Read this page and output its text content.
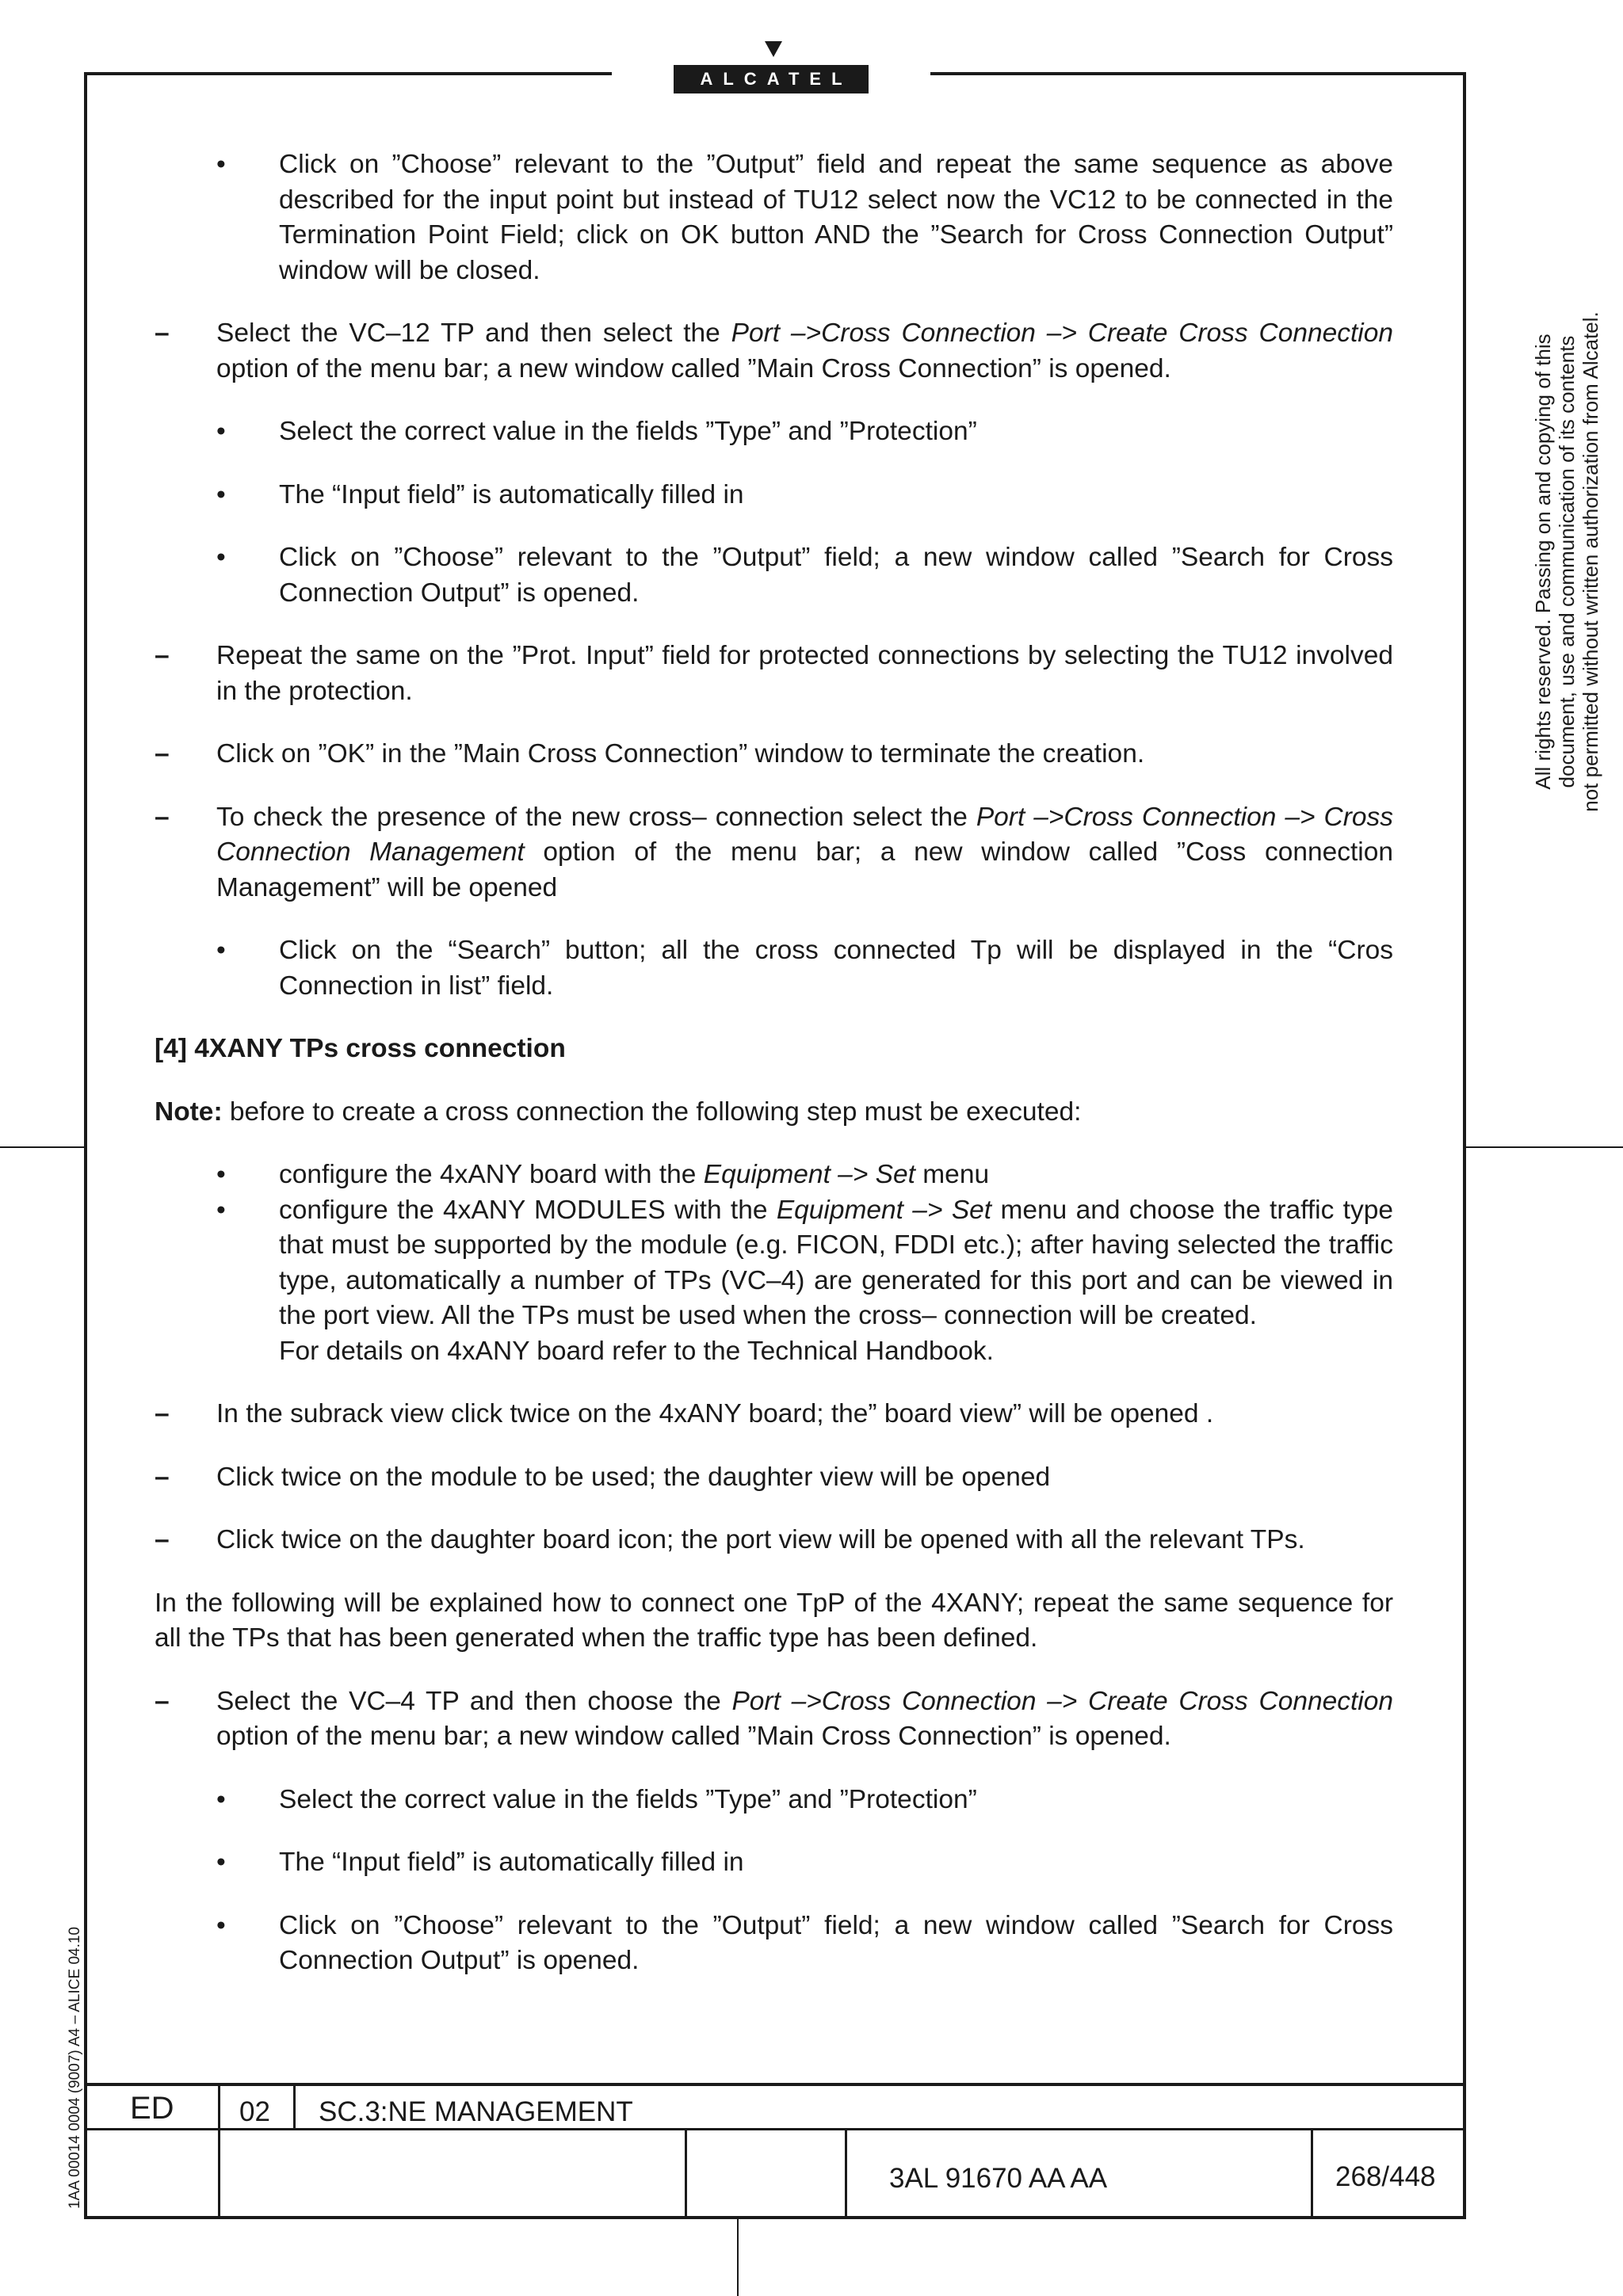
ALCATEL
All rights reserved. Passing on and copying of this document, use and communication of its contents not permitted without written authorization from Alcatel.
1AA 00014 0004 (9007) A4 – ALICE 04.10
• Click on ”Choose” relevant to the ”Output” field and repeat the same sequence as above described for the input point but instead of TU12 select now the VC12 to be connected in the Termination Point Field; click on OK button AND the ”Search for Cross Connection Output” window will be closed.
– Select the VC–12 TP and then select the Port –>Cross Connection –> Create Cross Connection option of the menu bar; a new window called ”Main Cross Connection” is opened.
• Select the correct value in the fields ”Type” and ”Protection”
• The “Input field” is automatically filled in
• Click on ”Choose” relevant to the ”Output” field; a new window called ”Search for Cross Connection Output” is opened.
– Repeat the same on the ”Prot. Input” field for protected connections by selecting the TU12 involved in the protection.
– Click on ”OK” in the ”Main Cross Connection” window to terminate the creation.
– To check the presence of the new cross– connection select the Port –>Cross Connection –> Cross Connection Management option of the menu bar; a new window called ”Coss connection Management” will be opened
• Click on the “Search” button; all the cross connected Tp will be displayed in the “Cros Connection in list” field.
[4] 4XANY TPs cross connection
Note: before to create a cross connection the following step must be executed:
• configure the 4xANY board with the Equipment –> Set menu
• configure the 4xANY MODULES with the Equipment –> Set menu and choose the traffic type that must be supported by the module (e.g. FICON, FDDI etc.); after having selected the traffic type, automatically a number of TPs (VC–4) are generated for this port and can be viewed in the port view. All the TPs must be used when the cross– connection will be created.
For details on 4xANY board refer to the Technical Handbook.
– In the subrack view click twice on the 4xANY board; the” board view” will be opened .
– Click twice on the module to be used; the daughter view will be opened
– Click twice on the daughter board icon; the port view will be opened with all the relevant TPs.
In the following will be explained how to connect one TpP of the 4XANY; repeat the same sequence for all the TPs that has been generated when the traffic type has been defined.
– Select the VC–4 TP and then choose the Port –>Cross Connection –> Create Cross Connection option of the menu bar; a new window called ”Main Cross Connection” is opened.
• Select the correct value in the fields ”Type” and ”Protection”
• The “Input field” is automatically filled in
• Click on ”Choose” relevant to the ”Output” field; a new window called ”Search for Cross Connection Output” is opened.
ED 02 SC.3:NE MANAGEMENT
3AL 91670 AA AA	268/448
